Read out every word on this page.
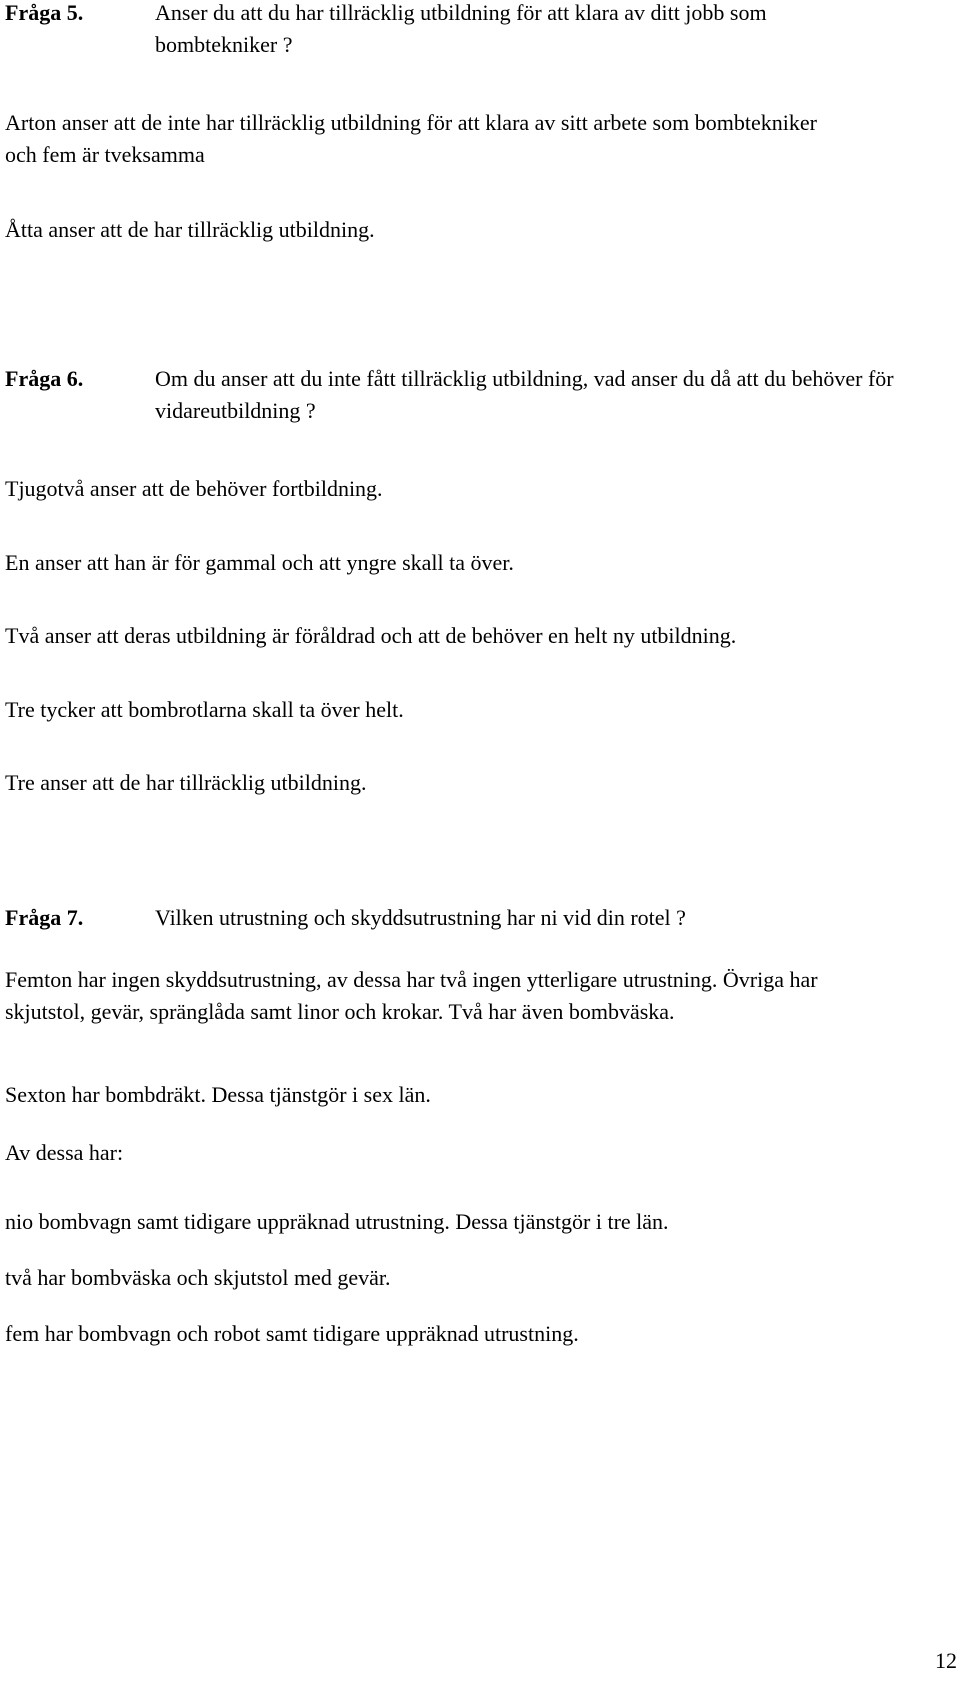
Fråga 5.	Anser du att du har tillräcklig utbildning för att klara av ditt jobb som bombtekniker ?

Arton anser att de inte har tillräcklig utbildning för att klara av sitt arbete som bombtekniker och fem är tveksamma

Åtta anser att de har tillräcklig utbildning.

Fråga 6.	Om du anser att du inte fått tillräcklig utbildning, vad anser du då att du behöver för vidareutbildning ?

Tjugotvå anser att de behöver fortbildning.

En anser att han är för gammal och att yngre skall ta över.

Två anser att deras utbildning är föråldrad och att de behöver en helt ny utbildning.

Tre tycker att bombrotlarna skall ta över helt.

Tre anser att de har tillräcklig utbildning.

Fråga 7.	Vilken utrustning och skyddsutrustning har ni vid din rotel ?

Femton har ingen skyddsutrustning, av dessa har två ingen ytterligare utrustning. Övriga har skjutstol, gevär, spränglåda samt linor och krokar. Två har även bombväska.

Sexton har bombdräkt. Dessa tjänstgör i sex län.

Av dessa har:

nio bombvagn samt tidigare uppräknad utrustning. Dessa tjänstgör i tre län.

två har bombväska och skjutstol med gevär.

fem har bombvagn och robot samt tidigare uppräknad utrustning.

12
